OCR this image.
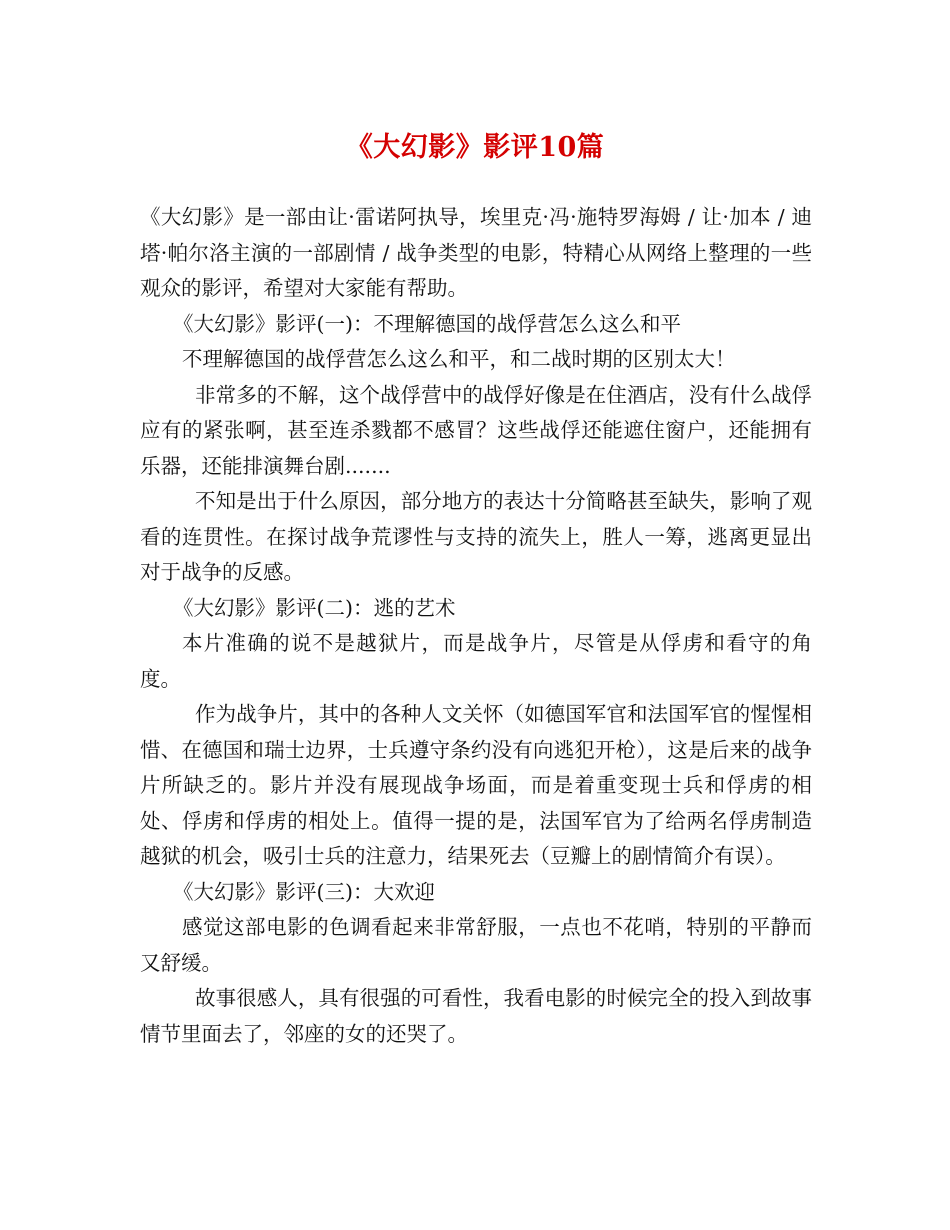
《大幻影》影评10篇

《大幻影》是一部由让·雷诺阿执导，埃里克·冯·施特罗海姆 / 让·加本 / 迪塔·帕尔洛主演的一部剧情 / 战争类型的电影，特精心从网络上整理的一些观众的影评，希望对大家能有帮助。

《大幻影》影评(一)：不理解德国的战俘营怎么这么和平

不理解德国的战俘营怎么这么和平，和二战时期的区别太大！

非常多的不解，这个战俘营中的战俘好像是在住酒店，没有什么战俘应有的紧张啊，甚至连杀戮都不感冒？这些战俘还能遮住窗户，还能拥有乐器，还能排演舞台剧.......

不知是出于什么原因，部分地方的表达十分简略甚至缺失，影响了观看的连贯性。在探讨战争荒谬性与支持的流失上，胜人一筹，逃离更显出对于战争的反感。

《大幻影》影评(二)：逃的艺术

本片准确的说不是越狱片，而是战争片，尽管是从俘虏和看守的角度。

作为战争片，其中的各种人文关怀（如德国军官和法国军官的惺惺相惜、在德国和瑞士边界，士兵遵守条约没有向逃犯开枪），这是后来的战争片所缺乏的。影片并没有展现战争场面，而是着重变现士兵和俘虏的相处、俘虏和俘虏的相处上。值得一提的是，法国军官为了给两名俘虏制造越狱的机会，吸引士兵的注意力，结果死去（豆瓣上的剧情简介有误）。

《大幻影》影评(三)：大欢迎

感觉这部电影的色调看起来非常舒服，一点也不花哨，特别的平静而又舒缓。

故事很感人，具有很强的可看性，我看电影的时候完全的投入到故事情节里面去了，邻座的女的还哭了。
